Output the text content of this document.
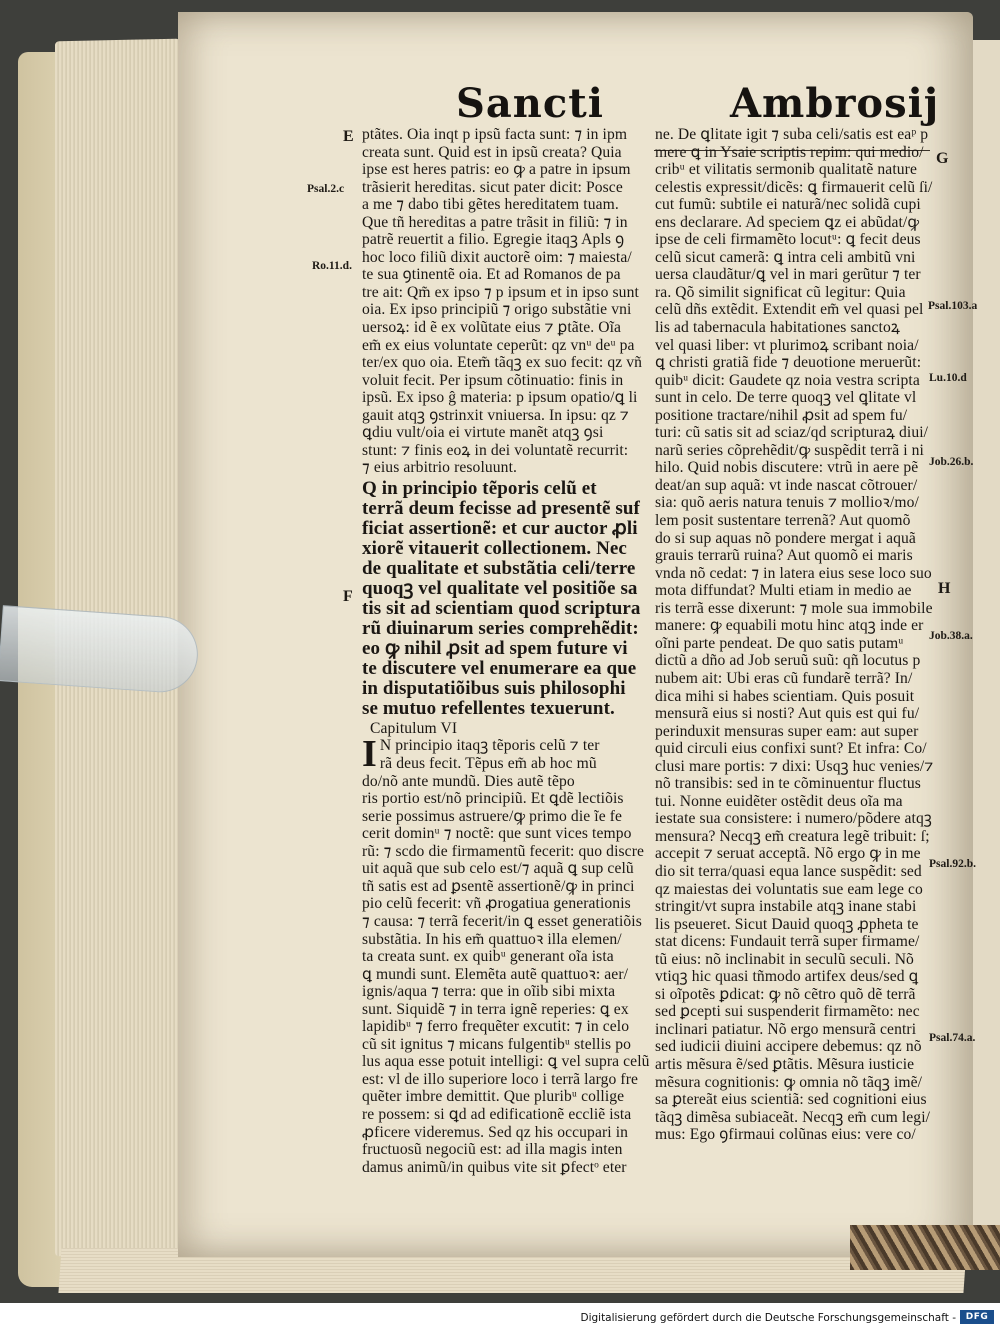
Sancti	Ambrosij

ptãtes. Oia inqt p ipsũ facta sunt: ⁊ in ipm

creata sunt. Quid est in ipsũ creata? Quia

ipse est heres patris: eo ꝙ a patre in ipsum

trãsierit hereditas. sicut pater dicit: Posce

a me ⁊ dabo tibi gẽtes hereditatem tuam.

Que tñ hereditas a patre trãsit in filiũ: ⁊ in

patrẽ reuertit a filio. Egregie itaqꝫ Apls ꝯ

hoc loco filiũ dixit auctorẽ oim: ⁊ maiesta/

te sua ꝯtinentẽ oia. Et ad Romanos de pa

tre ait: Qm̃ ex ipso ⁊ p ipsum et in ipso sunt

oia. Ex ipso principiũ ⁊ origo substãtie vni

uersoꝝ: id ẽ ex volũtate eius ⁊ ꝑtãte. Oĩa

em̃ ex eius voluntate ceperũt: qz vnᵘ deᵘ pa

ter/ex quo oia. Etem̃ tãqꝫ ex suo fecit: qz vñ

voluit fecit. Per ipsum cõtinuatio: finis in

ipsũ. Ex ipso ĝ materia: p ipsum opatio/ꝗ li

gauit atqꝫ ꝯstrinxit vniuersa. In ipsu: qz ⁊

ꝗdiu vult/oia ei virtute manẽt atqꝫ ꝯsi

stunt: ⁊ finis eoꝝ in dei voluntatẽ recurrit:

⁊ eius arbitrio resoluunt.

Q in principio tẽporis celũ et

terrã deum fecisse ad presentẽ suf

ficiat assertionẽ: et cur auctor ꝓli

xiorẽ vitauerit collectionem. Nec

de qualitate et substãtia celi/terre

quoqꝫ vel qualitate vel positiõe sa

tis sit ad scientiam quod scriptura

rũ diuinarum series comprehẽdit:

eo ꝙ nihil ꝓsit ad spem future vi

te discutere vel enumerare ea que

in disputatiõibus suis philosophi

se mutuo refellentes texuerunt.

Capitulum VI
I N principio itaqꝫ tẽporis celũ ⁊ ter

rã deus fecit. Tẽpus em̃ ab hoc mũ

do/nõ ante mundũ. Dies autẽ tẽpo

ris portio est/nõ principiũ. Et ꝗdẽ lectiõis

serie possimus astruere/ꝙ primo die ĩe fe

cerit dominᵘ ⁊ noctẽ: que sunt vices tempo

rũ: ⁊ scdo die firmamentũ fecerit: quo discre

uit aquã que sub celo est/⁊ aquã ꝗ sup celũ

tñ satis est ad ꝑsentẽ assertionẽ/ꝙ in princi

pio celũ fecerit: vñ ꝓrogatiua generationis

⁊ causa: ⁊ terrã fecerit/in ꝗ esset generatiõis

substãtia. In his em̃ quattuoꝛ illa elemen/

ta creata sunt. ex quibᵘ generant oĩa ista

ꝗ mundi sunt. Elemẽta autẽ quattuoꝛ: aer/

ignis/aqua ⁊ terra: que in oĩib sibi mixta

sunt. Siquidẽ ⁊ in terra ignẽ reperies: ꝗ ex

lapidibᵘ ⁊ ferro frequẽter excutit: ⁊ in celo

cũ sit ignitus ⁊ micans fulgentibᵘ stellis po

lus aqua esse potuit intelligi: ꝗ vel supra celũ

est: vl de illo superiore loco i terrã largo fre

quẽter imbre demittit. Que pluribᵘ collige

re possem: si ꝗd ad edificationẽ eccliẽ ista

ꝓficere videremus. Sed qz his occupari in

fructuosũ negociũ est: ad illa magis inten

damus animũ/in quibus vite sit ꝑfectᵒ eter

ne. De ꝗlitate igit ⁊ suba celi/satis est eaᵖ p

mere ꝗ in Ysaie scriptis repim: qui medio/

cribᵘ et vilitatis sermonib qualitatẽ nature

celestis expressit/dicẽs: ꝗ firmauerit celũ ſi/

cut fumũ: subtile ei naturã/nec solidã cupi

ens declarare. Ad speciem ꝗz ei abũdat/ꝙ

ipse de celi firmamẽto locutᵘ: ꝗ fecit deus

celũ sicut camerã: ꝗ intra celi ambitũ vni

uersa claudãtur/ꝗ vel in mari gerũtur ⁊ ter

ra. Qõ similit significat cũ legitur: Quia

celũ dñs extẽdit. Extendit em̃ vel quasi pel

lis ad tabernacula habitationes sanctoꝝ

vel quasi liber: vt plurimoꝝ scribant noia/

ꝗ christi gratiã fide ⁊ deuotione meruerũt:

quibᵘ dicit: Gaudete qz noia vestra scripta

sunt in celo. De terre quoqꝫ vel ꝗlitate vl

positione tractare/nihil ꝓsit ad spem fu/

turi: cũ satis sit ad sciaz/qd scripturaꝝ diui/

narũ series cõprehẽdit/ꝙ suspẽdit terrã i ni

hilo. Quid nobis discutere: vtrũ in aere pẽ

deat/an sup aquã: vt inde nascat cõtrouer/

sia: quõ aeris natura tenuis ⁊ mollioꝛ/mo/

lem posit sustentare terrenã? Aut quomõ

do si sup aquas nõ pondere mergat i aquã

grauis terrarũ ruina? Aut quomõ ei maris

vnda nõ cedat: ⁊ in latera eius sese loco suo

mota diffundat? Multi etiam in medio ae

ris terrã esse dixerunt: ⁊ mole sua immobile

manere: ꝙ equabili motu hinc atqꝫ inde er

oĩni parte pendeat. De quo satis putamᵘ

dictũ a dño ad Job seruũ suũ: qñ locutus p

nubem ait: Ubi eras cũ fundarẽ terrã? In/

dica mihi si habes scientiam. Quis posuit

mensurã eius si nosti? Aut quis est qui fu/

perinduxit mensuras super eam: aut super

quid circuli eius confixi sunt? Et infra: Co/

clusi mare portis: ⁊ dixi: Usqꝫ huc venies/⁊

nõ transibis: sed in te cõminuentur fluctus

tui. Nonne euidẽter ostẽdit deus oĩa ma

iestate sua consistere: i numero/põdere atqꝫ

mensura? Necqꝫ em̃ creatura legẽ tribuit: ſ;

accepit ⁊ seruat acceptã. Nõ ergo ꝙ in me

dio sit terra/quasi equa lance suspẽdit: sed

qz maiestas dei voluntatis sue eam lege co

stringit/vt supra instabile atqꝫ inane stabi

lis pseueret. Sicut Dauid quoqꝫ ꝓpheta te

stat dicens: Fundauit terrã super firmame/

tũ eius: nõ inclinabit in seculũ seculi. Nõ

vtiqꝫ hic quasi tñmodo artifex deus/sed ꝗ

si oĩpotẽs ꝑdicat: ꝙ nõ cẽtro quõ dẽ terrã

sed ꝑcepti sui suspenderit firmamẽto: nec

inclinari patiatur. Nõ ergo mensurã centri

sed iudicii diuini accipere debemus: qz nõ

artis mẽsura ẽ/sed ꝑtãtis. Mẽsura iusticie

mẽsura cognitionis: ꝙ omnia nõ tãqꝫ imẽ/

sa ꝑtereãt eius scientiã: sed cognitioni eius

tãqꝫ dimẽsa subiaceãt. Necqꝫ em̃ cum legi/

mus: Ego ꝯfirmaui colũnas eius: vere co/

E
Psal.2.c
Ro.11.d.
F
G
Psal.103.a
Lu.10.d
Job.26.b.
H
Job.38.a.
Psal.92.b.
Psal.74.a.
Digitalisierung gefördert durch die Deutsche Forschungsgemeinschaft -	DFG
